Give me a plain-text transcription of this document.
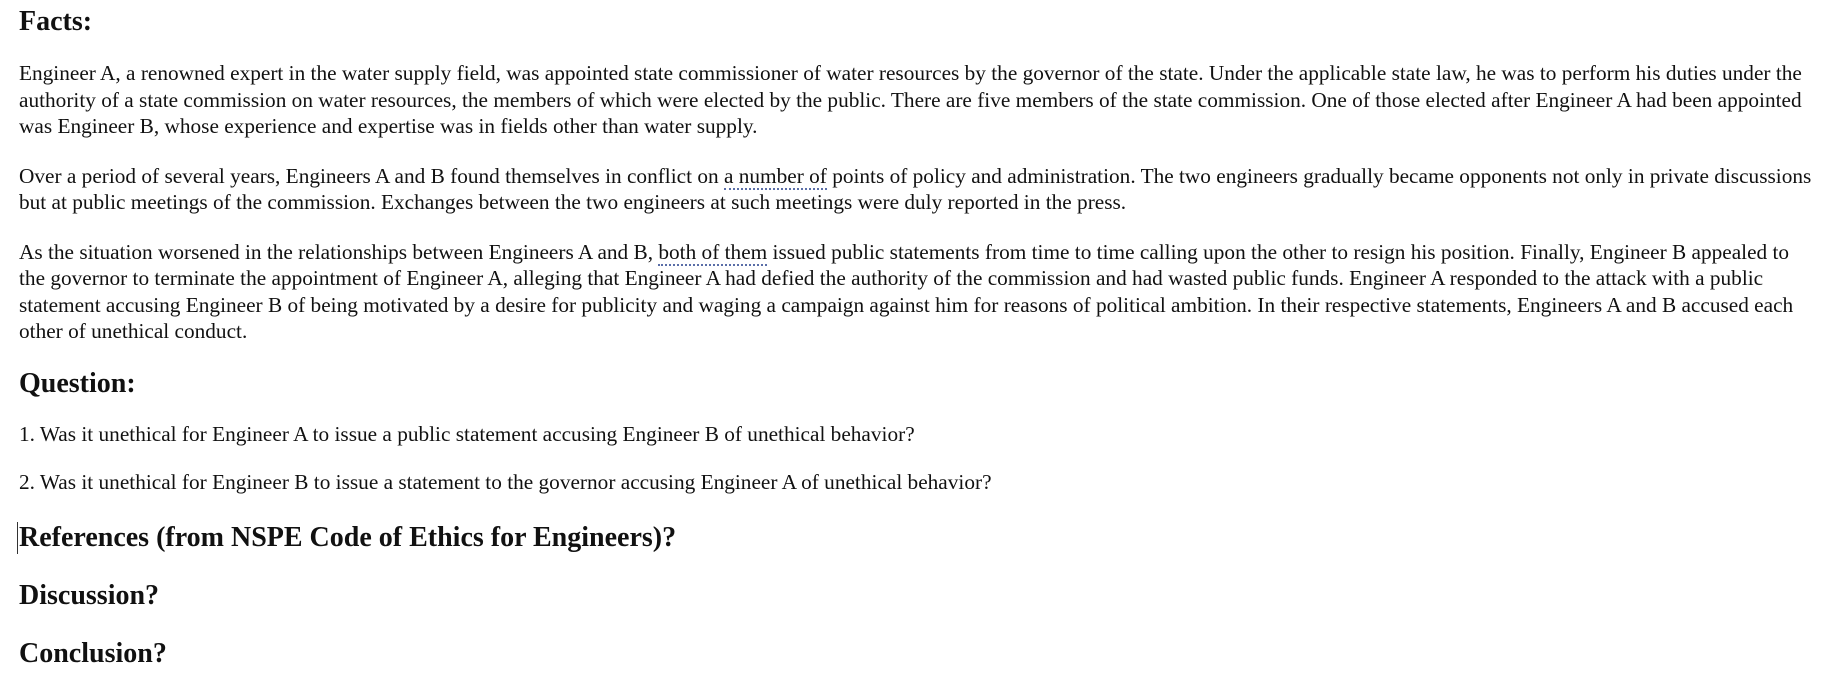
Facts:

Engineer A, a renowned expert in the water supply field, was appointed state commissioner of water resources by the governor of the state. Under the applicable state law, he was to perform his duties under the authority of a state commission on water resources, the members of which were elected by the public. There are five members of the state commission. One of those elected after Engineer A had been appointed was Engineer B, whose experience and expertise was in fields other than water supply.

Over a period of several years, Engineers A and B found themselves in conflict on a number of points of policy and administration. The two engineers gradually became opponents not only in private discussions but at public meetings of the commission. Exchanges between the two engineers at such meetings were duly reported in the press.

As the situation worsened in the relationships between Engineers A and B, both of them issued public statements from time to time calling upon the other to resign his position. Finally, Engineer B appealed to the governor to terminate the appointment of Engineer A, alleging that Engineer A had defied the authority of the commission and had wasted public funds. Engineer A responded to the attack with a public statement accusing Engineer B of being motivated by a desire for publicity and waging a campaign against him for reasons of political ambition. In their respective statements, Engineers A and B accused each other of unethical conduct.

Question:

1. Was it unethical for Engineer A to issue a public statement accusing Engineer B of unethical behavior?

2. Was it unethical for Engineer B to issue a statement to the governor accusing Engineer A of unethical behavior?

References (from NSPE Code of Ethics for Engineers)?
Discussion?
Conclusion?
